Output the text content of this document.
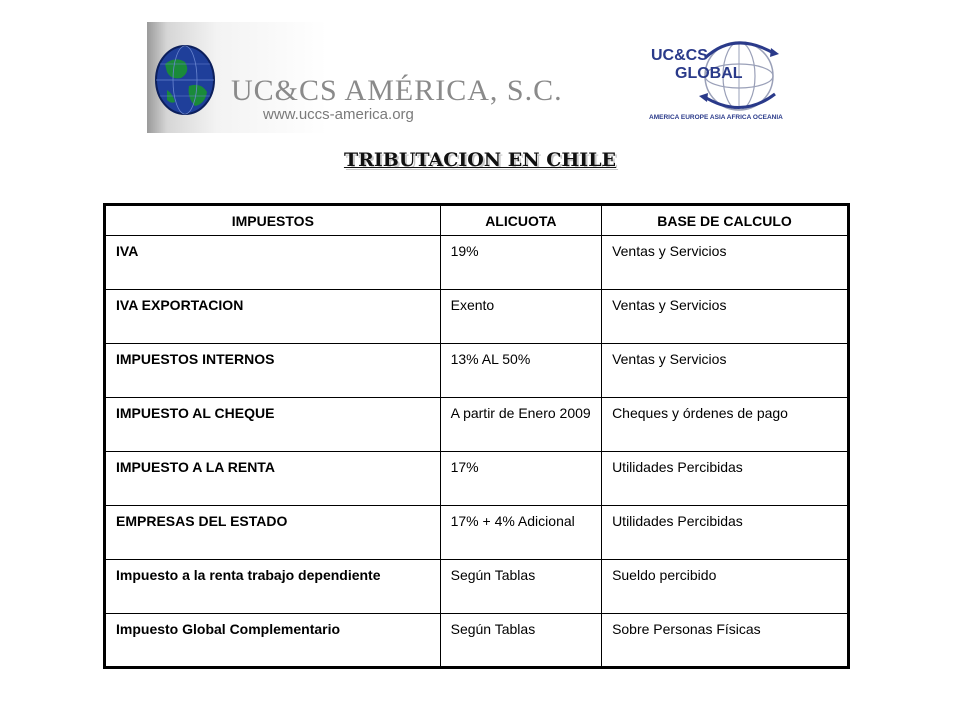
UC&CS AMÉRICA, S.C.
www.uccs-america.org
UC&CS
GLOBAL
AMERICA EUROPE ASIA AFRICA OCEANIA
TRIBUTACION EN CHILE
IMPUESTOS	ALICUOTA	BASE DE CALCULO
IVA	19%	Ventas y Servicios
IVA EXPORTACION	Exento	Ventas y Servicios
IMPUESTOS INTERNOS	13% AL 50%	Ventas y Servicios
IMPUESTO AL CHEQUE	A partir de Enero 2009	Cheques y órdenes de pago
IMPUESTO A LA RENTA	17%	Utilidades Percibidas
EMPRESAS DEL ESTADO	17% + 4% Adicional	Utilidades Percibidas
Impuesto a la renta trabajo dependiente	Según Tablas	Sueldo percibido
Impuesto Global Complementario	Según Tablas	Sobre Personas Físicas
